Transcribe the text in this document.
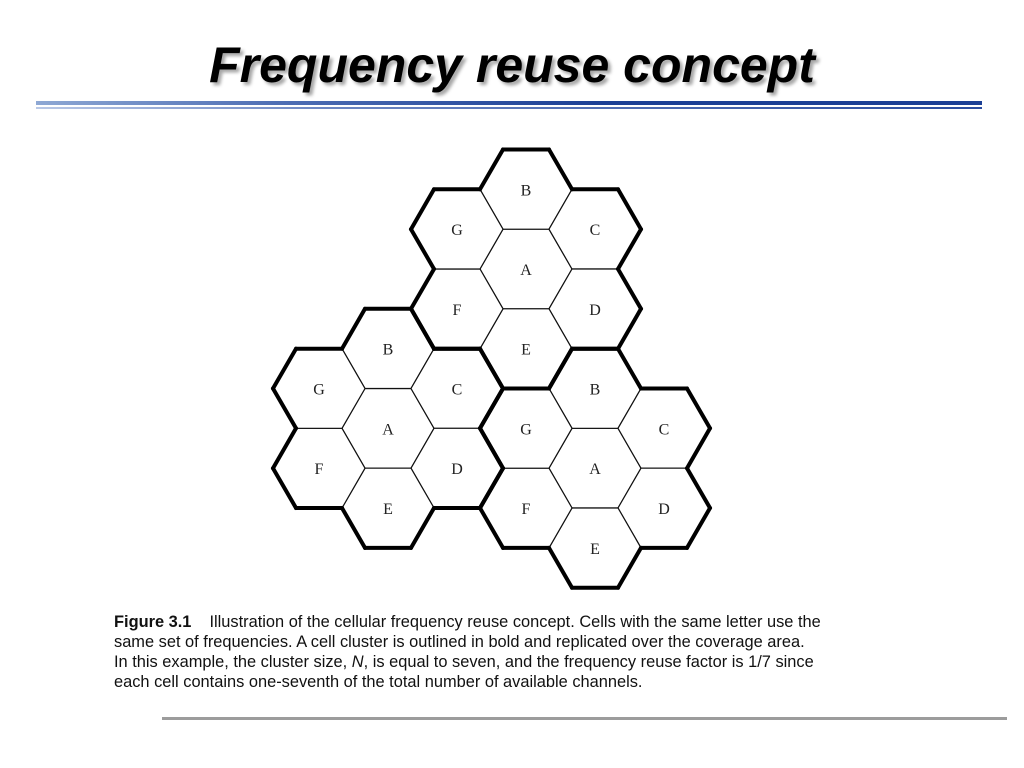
Frequency reuse concept
A
B
C
D
E
F
G
A
B
C
D
E
F
G
A
B
C
D
E
F
G
Figure 3.1 Illustration of the cellular frequency reuse concept. Cells with the same letter use the
same set of frequencies. A cell cluster is outlined in bold and replicated over the coverage area.
In this example, the cluster size, N, is equal to seven, and the frequency reuse factor is 1/7 since
each cell contains one-seventh of the total number of available channels.
